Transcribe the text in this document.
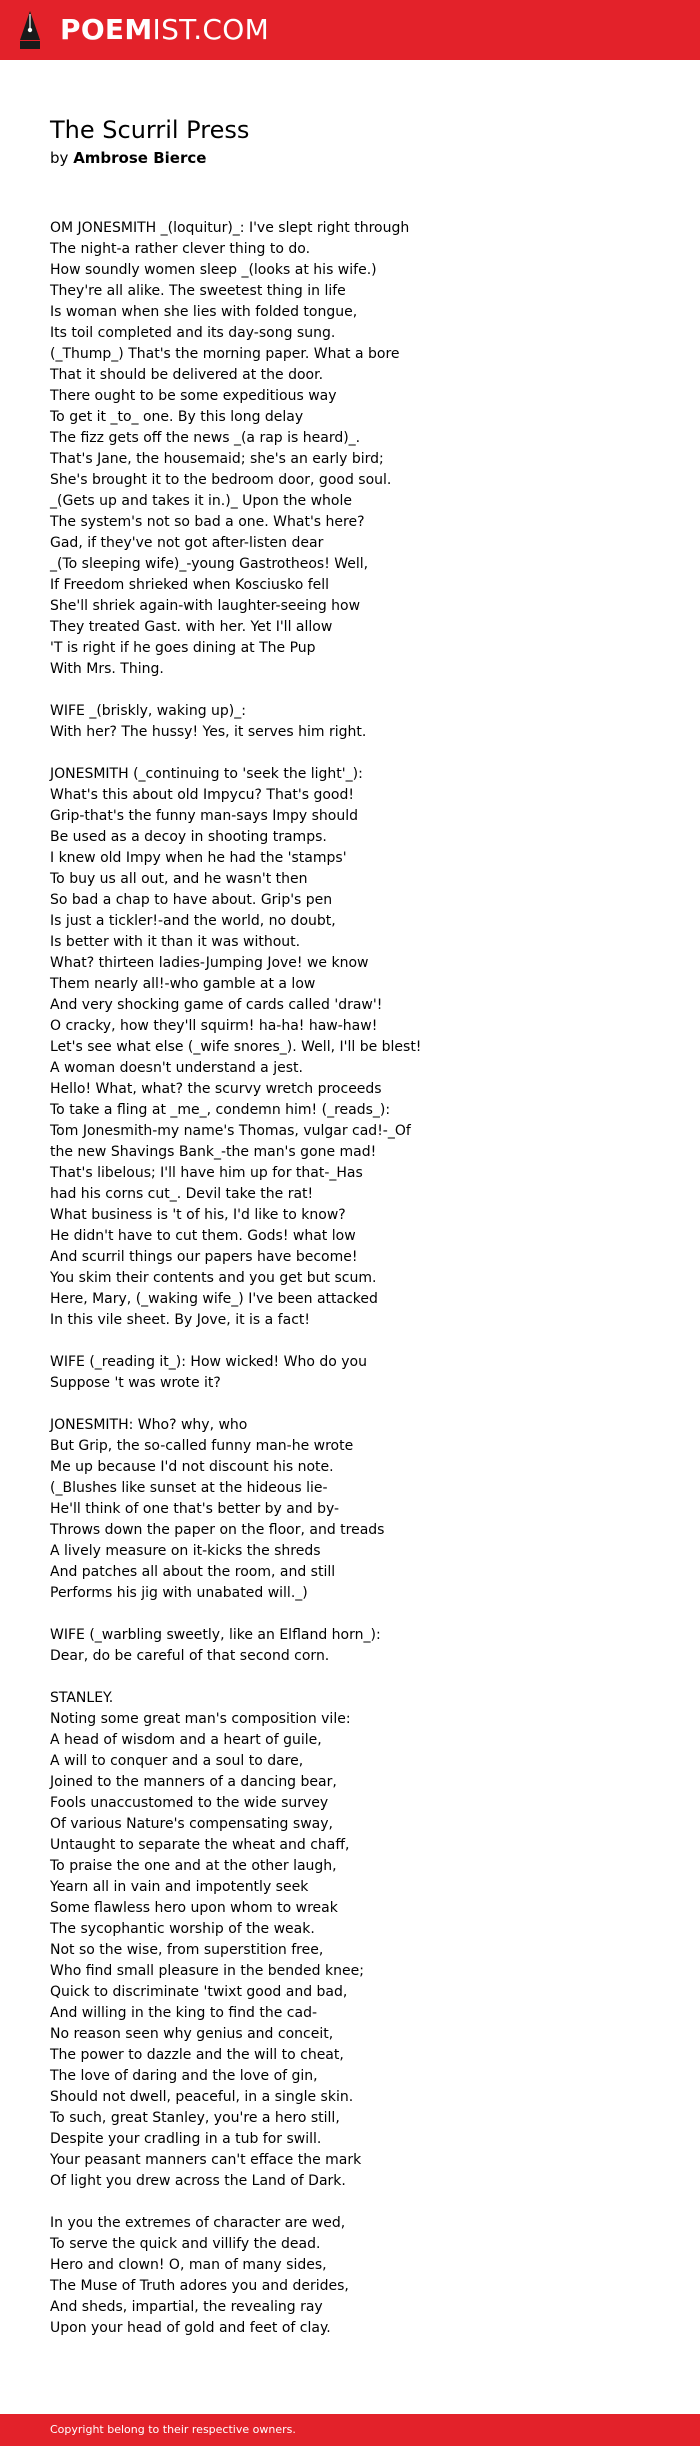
POEMIST.COM
The Scurril Press
by Ambrose Bierce
OM JONESMITH _(loquitur)_: I've slept right through
The night-a rather clever thing to do.
How soundly women sleep _(looks at his wife.)
They're all alike. The sweetest thing in life
Is woman when she lies with folded tongue,
Its toil completed and its day-song sung.
(_Thump_) That's the morning paper. What a bore
That it should be delivered at the door.
There ought to be some expeditious way
To get it _to_ one. By this long delay
The fizz gets off the news _(a rap is heard)_.
That's Jane, the housemaid; she's an early bird;
She's brought it to the bedroom door, good soul.
_(Gets up and takes it in.)_ Upon the whole
The system's not so bad a one. What's here?
Gad, if they've not got after-listen dear
_(To sleeping wife)_-young Gastrotheos! Well,
If Freedom shrieked when Kosciusko fell
She'll shriek again-with laughter-seeing how
They treated Gast. with her. Yet I'll allow
'T is right if he goes dining at The Pup
With Mrs. Thing.
WIFE _(briskly, waking up)_:
With her? The hussy! Yes, it serves him right.
JONESMITH (_continuing to 'seek the light'_):
What's this about old Impycu? That's good!
Grip-that's the funny man-says Impy should
Be used as a decoy in shooting tramps.
I knew old Impy when he had the 'stamps'
To buy us all out, and he wasn't then
So bad a chap to have about. Grip's pen
Is just a tickler!-and the world, no doubt,
Is better with it than it was without.
What? thirteen ladies-Jumping Jove! we know
Them nearly all!-who gamble at a low
And very shocking game of cards called 'draw'!
O cracky, how they'll squirm! ha-ha! haw-haw!
Let's see what else (_wife snores_). Well, I'll be blest!
A woman doesn't understand a jest.
Hello! What, what? the scurvy wretch proceeds
To take a fling at _me_, condemn him! (_reads_):
Tom Jonesmith-my name's Thomas, vulgar cad!-_Of
the new Shavings Bank_-the man's gone mad!
That's libelous; I'll have him up for that-_Has
had his corns cut_. Devil take the rat!
What business is 't of his, I'd like to know?
He didn't have to cut them. Gods! what low
And scurril things our papers have become!
You skim their contents and you get but scum.
Here, Mary, (_waking wife_) I've been attacked
In this vile sheet. By Jove, it is a fact!
WIFE (_reading it_): How wicked! Who do you
Suppose 't was wrote it?
JONESMITH: Who? why, who
But Grip, the so-called funny man-he wrote
Me up because I'd not discount his note.
(_Blushes like sunset at the hideous lie-
He'll think of one that's better by and by-
Throws down the paper on the floor, and treads
A lively measure on it-kicks the shreds
And patches all about the room, and still
Performs his jig with unabated will._)
WIFE (_warbling sweetly, like an Elfland horn_):
Dear, do be careful of that second corn.
STANLEY.
Noting some great man's composition vile:
A head of wisdom and a heart of guile,
A will to conquer and a soul to dare,
Joined to the manners of a dancing bear,
Fools unaccustomed to the wide survey
Of various Nature's compensating sway,
Untaught to separate the wheat and chaff,
To praise the one and at the other laugh,
Yearn all in vain and impotently seek
Some flawless hero upon whom to wreak
The sycophantic worship of the weak.
Not so the wise, from superstition free,
Who find small pleasure in the bended knee;
Quick to discriminate 'twixt good and bad,
And willing in the king to find the cad-
No reason seen why genius and conceit,
The power to dazzle and the will to cheat,
The love of daring and the love of gin,
Should not dwell, peaceful, in a single skin.
To such, great Stanley, you're a hero still,
Despite your cradling in a tub for swill.
Your peasant manners can't efface the mark
Of light you drew across the Land of Dark.
In you the extremes of character are wed,
To serve the quick and villify the dead.
Hero and clown! O, man of many sides,
The Muse of Truth adores you and derides,
And sheds, impartial, the revealing ray
Upon your head of gold and feet of clay.
Copyright belong to their respective owners.
